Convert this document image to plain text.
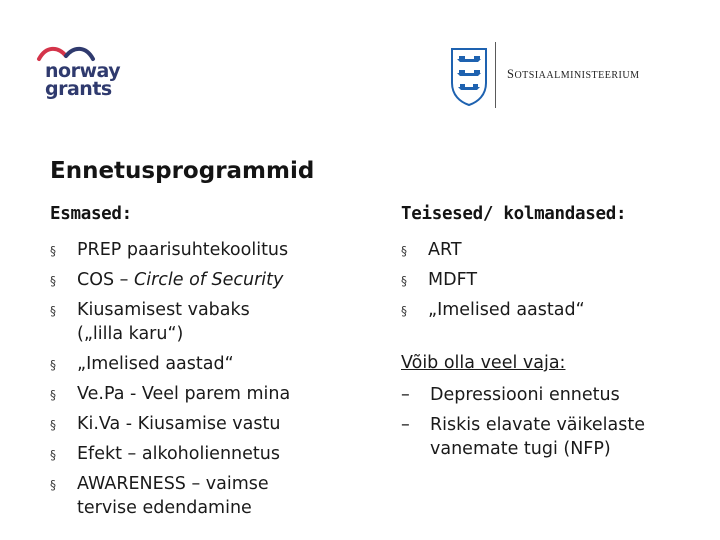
norway
grants
SOTSIAALMINISTEERIUM
Ennetusprogrammid
Esmased:	Teisesed/ kolmandased:
§ PREP paarisuhtekoolitus
§ COS – Circle of Security
§ Kiusamisest vabaks
(„lilla karu“)
§ „Imelised aastad“
§ Ve.Pa - Veel parem mina
§ Ki.Va - Kiusamise vastu
§ Efekt – alkoholiennetus
§ AWARENESS – vaimse
tervise edendamine
§ ART
§ MDFT
§ „Imelised aastad“
Võib olla veel vaja:
– Depressiooni ennetus
– Riskis elavate väikelaste
vanemate tugi (NFP)
